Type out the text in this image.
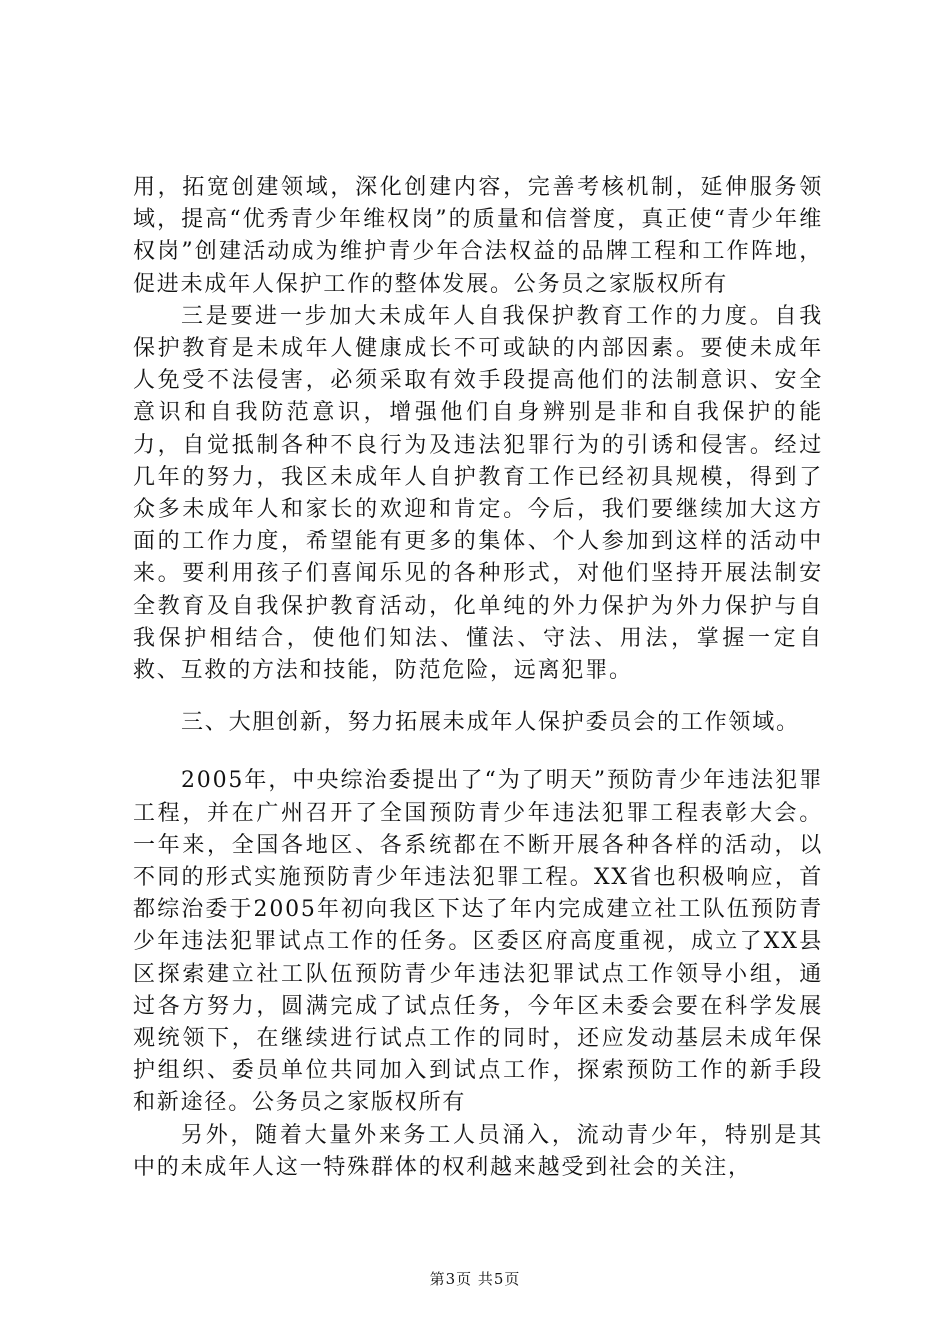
用，拓宽创建领域，深化创建内容，完善考核机制，延伸服务领域，提高“优秀青少年维权岗”的质量和信誉度，真正使“青少年维权岗”创建活动成为维护青少年合法权益的品牌工程和工作阵地，促进未成年人保护工作的整体发展。公务员之家版权所有

三是要进一步加大未成年人自我保护教育工作的力度。自我保护教育是未成年人健康成长不可或缺的内部因素。要使未成年人免受不法侵害，必须采取有效手段提高他们的法制意识、安全意识和自我防范意识，增强他们自身辨别是非和自我保护的能力，自觉抵制各种不良行为及违法犯罪行为的引诱和侵害。经过几年的努力，我区未成年人自护教育工作已经初具规模，得到了众多未成年人和家长的欢迎和肯定。今后，我们要继续加大这方面的工作力度，希望能有更多的集体、个人参加到这样的活动中来。要利用孩子们喜闻乐见的各种形式，对他们坚持开展法制安全教育及自我保护教育活动，化单纯的外力保护为外力保护与自我保护相结合，使他们知法、懂法、守法、用法，掌握一定自救、互救的方法和技能，防范危险，远离犯罪。

三、大胆创新，努力拓展未成年人保护委员会的工作领域。

2005年，中央综治委提出了“为了明天”预防青少年违法犯罪工程，并在广州召开了全国预防青少年违法犯罪工程表彰大会。一年来，全国各地区、各系统都在不断开展各种各样的活动，以不同的形式实施预防青少年违法犯罪工程。XX省也积极响应，首都综治委于2005年初向我区下达了年内完成建立社工队伍预防青少年违法犯罪试点工作的任务。区委区府高度重视，成立了XX县区探索建立社工队伍预防青少年违法犯罪试点工作领导小组，通过各方努力，圆满完成了试点任务，今年区未委会要在科学发展观统领下，在继续进行试点工作的同时，还应发动基层未成年保护组织、委员单位共同加入到试点工作，探索预防工作的新手段和新途径。公务员之家版权所有

另外，随着大量外来务工人员涌入，流动青少年，特别是其中的未成年人这一特殊群体的权利越来越受到社会的关注，

第3页 共5页
